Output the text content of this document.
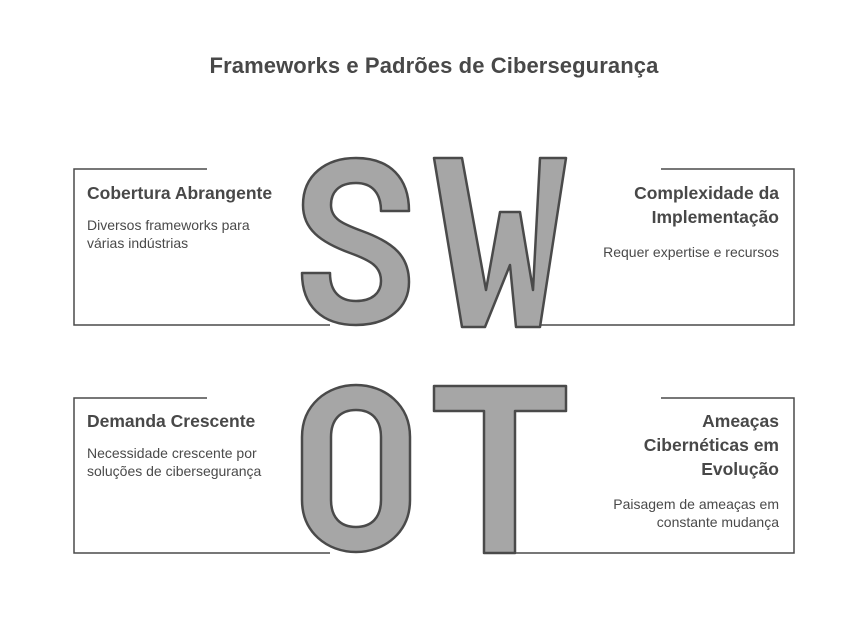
Frameworks e Padrões de Cibersegurança
Cobertura Abrangente
Diversos frameworks para várias indústrias
Complexidade da Implementação
Requer expertise e recursos
Demanda Crescente
Necessidade crescente por soluções de cibersegurança
Ameaças Cibernéticas em Evolução
Paisagem de ameaças em constante mudança
